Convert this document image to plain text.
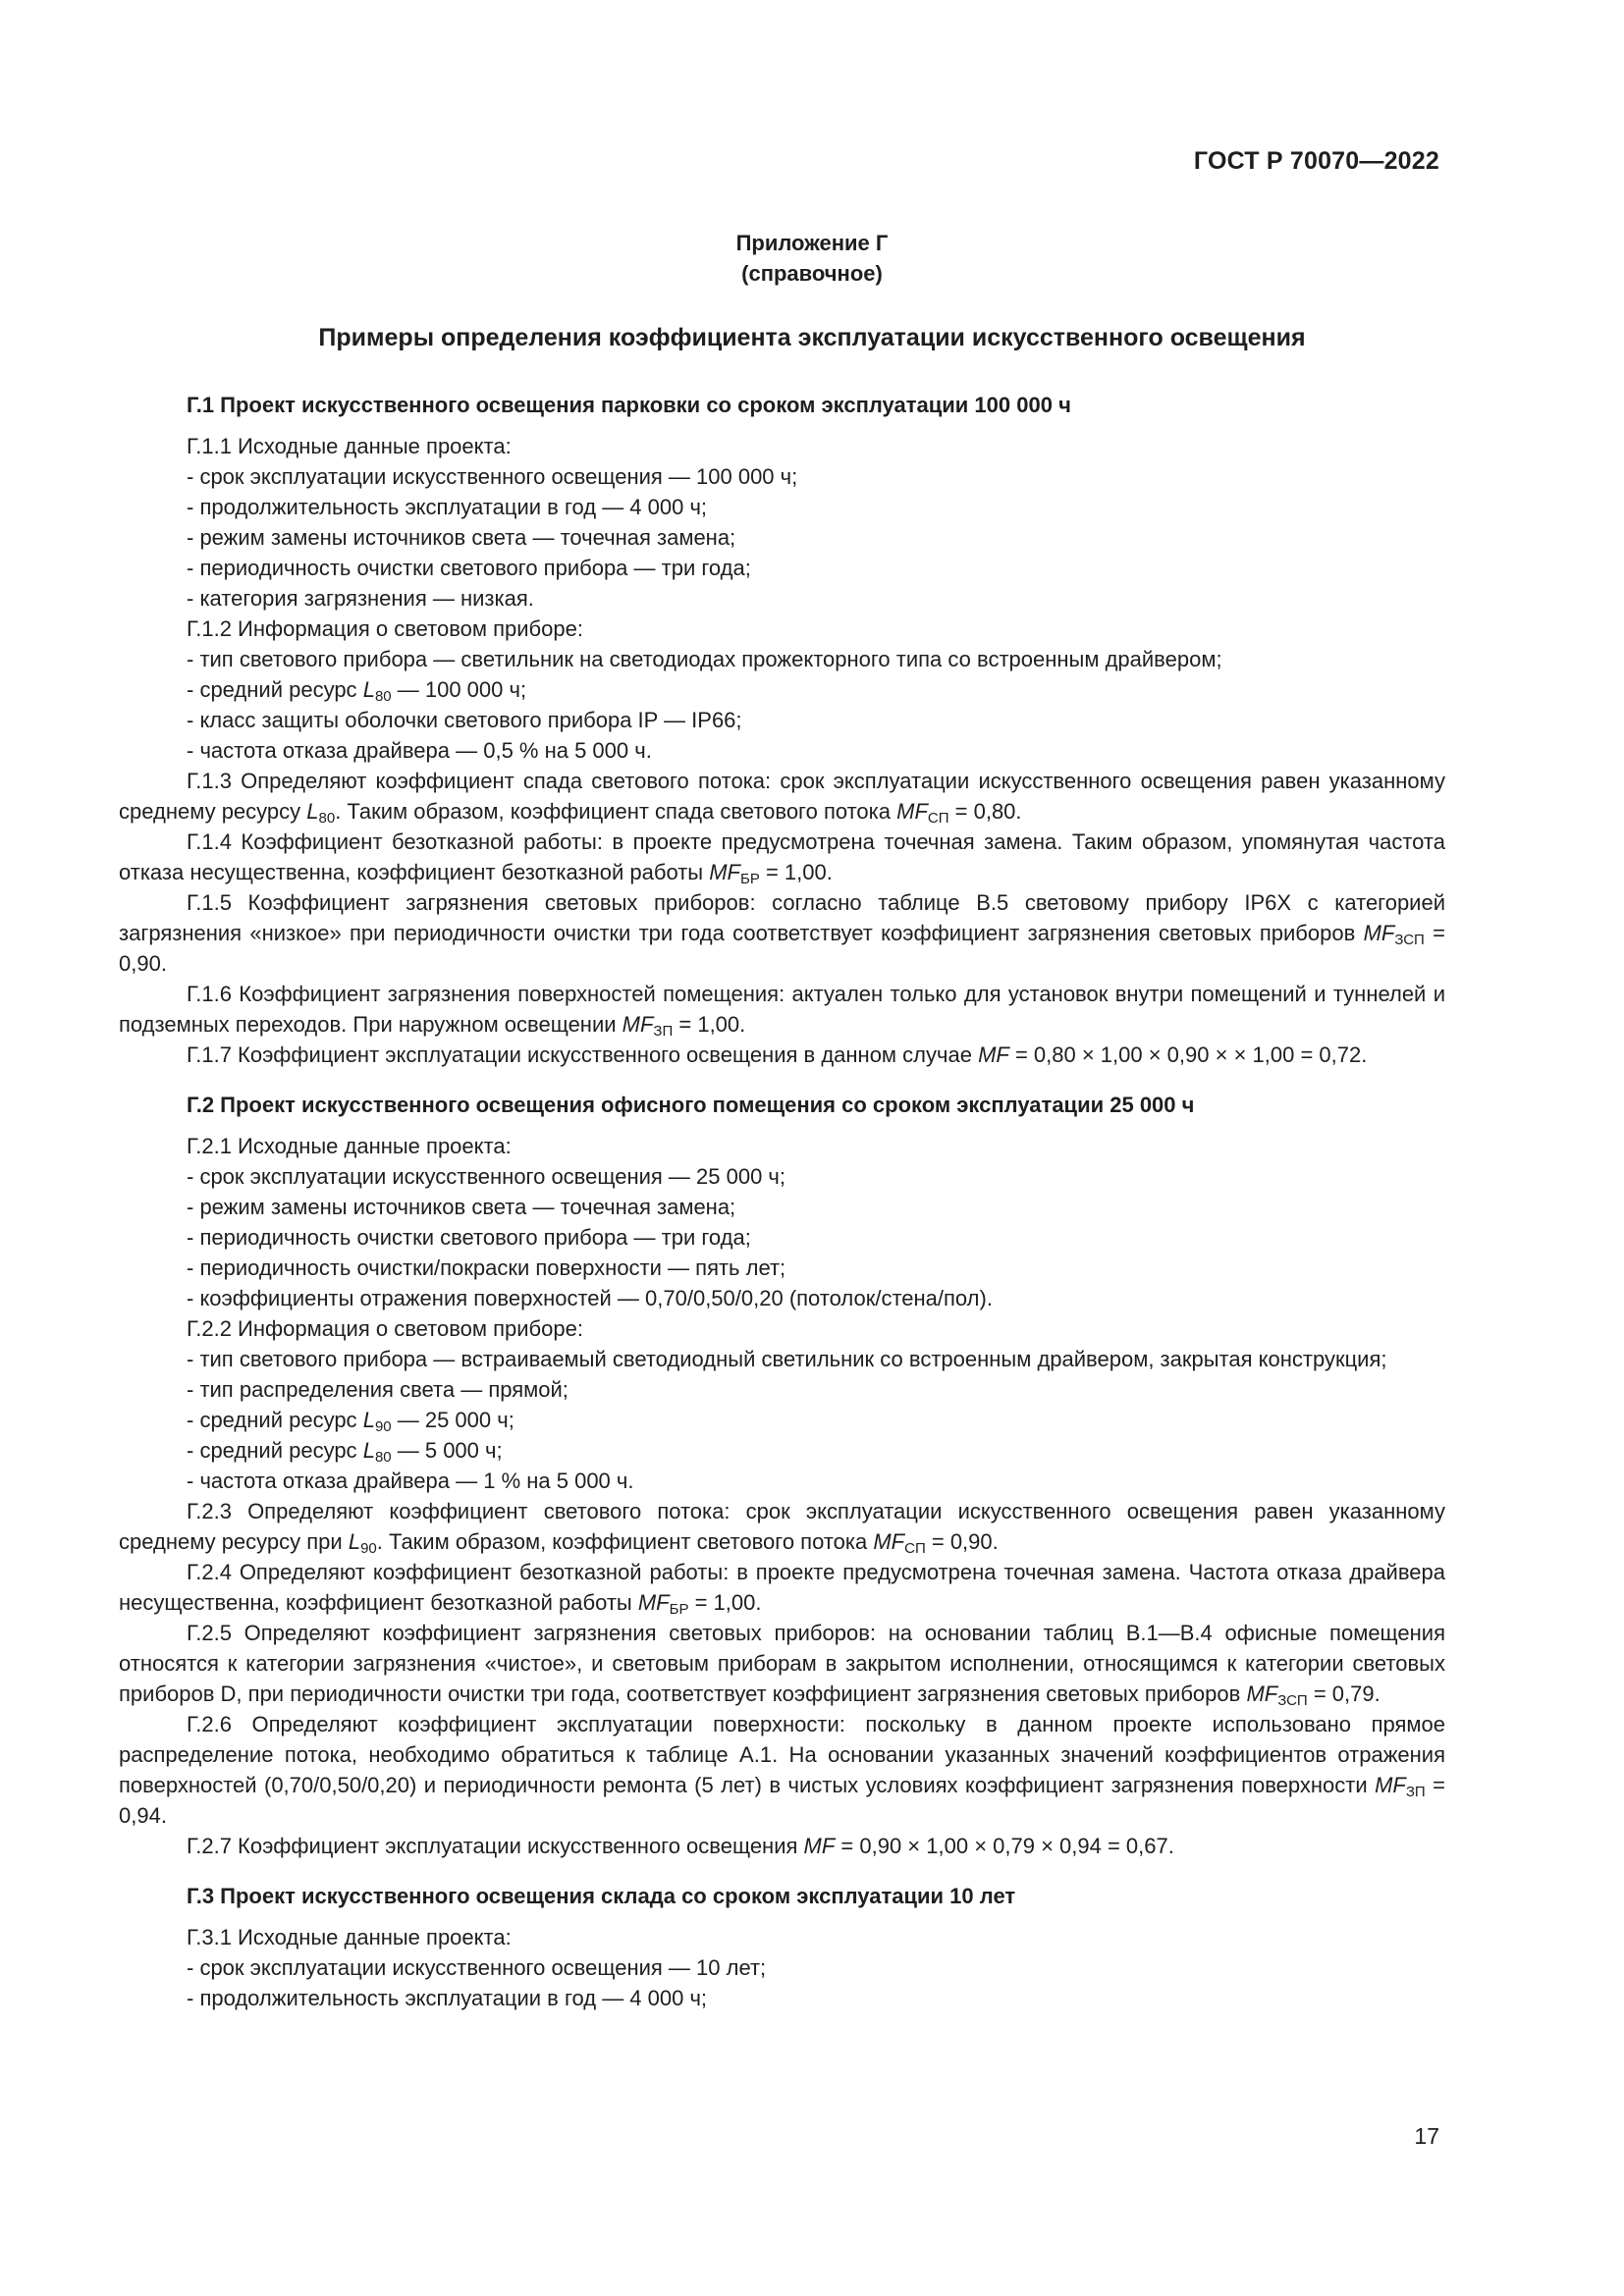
ГОСТ Р 70070—2022
Приложение Г
(справочное)
Примеры определения коэффициента эксплуатации искусственного освещения
Г.1 Проект искусственного освещения парковки со сроком эксплуатации 100 000 ч
Г.1.1 Исходные данные проекта:
- срок эксплуатации искусственного освещения — 100 000 ч;
- продолжительность эксплуатации в год — 4 000 ч;
- режим замены источников света — точечная замена;
- периодичность очистки светового прибора — три года;
- категория загрязнения — низкая.
Г.1.2 Информация о световом приборе:
- тип светового прибора — светильник на светодиодах прожекторного типа со встроенным драйвером;
- средний ресурс $L_{80}$ — 100 000 ч;
- класс защиты оболочки светового прибора IP — IP66;
- частота отказа драйвера — 0,5 % на 5 000 ч.
Г.1.3 Определяют коэффициент спада светового потока: срок эксплуатации искусственного освещения равен указанному среднему ресурсу $L_{80}$. Таким образом, коэффициент спада светового потока $MF_{СП} = 0,80$.
Г.1.4 Коэффициент безотказной работы: в проекте предусмотрена точечная замена. Таким образом, упомянутая частота отказа несущественна, коэффициент безотказной работы $MF_{БР} = 1,00$.
Г.1.5 Коэффициент загрязнения световых приборов: согласно таблице В.5 световому прибору IP6X с категорией загрязнения «низкое» при периодичности очистки три года соответствует коэффициент загрязнения световых приборов $MF_{ЗСП} = 0,90$.
Г.1.6 Коэффициент загрязнения поверхностей помещения: актуален только для установок внутри помещений и туннелей и подземных переходов. При наружном освещении $MF_{ЗП} = 1,00$.
Г.1.7 Коэффициент эксплуатации искусственного освещения в данном случае MF = 0,80 × 1,00 × 0,90 × × 1,00 = 0,72.
Г.2 Проект искусственного освещения офисного помещения со сроком эксплуатации 25 000 ч
Г.2.1 Исходные данные проекта:
- срок эксплуатации искусственного освещения — 25 000 ч;
- режим замены источников света — точечная замена;
- периодичность очистки светового прибора — три года;
- периодичность очистки/покраски поверхности — пять лет;
- коэффициенты отражения поверхностей — 0,70/0,50/0,20 (потолок/стена/пол).
Г.2.2 Информация о световом приборе:
- тип светового прибора — встраиваемый светодиодный светильник со встроенным драйвером, закрытая конструкция;
- тип распределения света — прямой;
- средний ресурс $L_{90}$ — 25 000 ч;
- средний ресурс $L_{80}$ — 5 000 ч;
- частота отказа драйвера — 1 % на 5 000 ч.
Г.2.3 Определяют коэффициент светового потока: срок эксплуатации искусственного освещения равен указанному среднему ресурсу при $L_{90}$. Таким образом, коэффициент светового потока $MF_{СП} = 0,90$.
Г.2.4 Определяют коэффициент безотказной работы: в проекте предусмотрена точечная замена. Частота отказа драйвера несущественна, коэффициент безотказной работы $MF_{БР} = 1,00$.
Г.2.5 Определяют коэффициент загрязнения световых приборов: на основании таблиц В.1—В.4 офисные помещения относятся к категории загрязнения «чистое», и световым приборам в закрытом исполнении, относящимся к категории световых приборов D, при периодичности очистки три года, соответствует коэффициент загрязнения световых приборов $MF_{ЗСП} = 0,79$.
Г.2.6 Определяют коэффициент эксплуатации поверхности: поскольку в данном проекте использовано прямое распределение потока, необходимо обратиться к таблице А.1. На основании указанных значений коэффициентов отражения поверхностей (0,70/0,50/0,20) и периодичности ремонта (5 лет) в чистых условиях коэффициент загрязнения поверхности $MF_{ЗП} = 0,94$.
Г.2.7 Коэффициент эксплуатации искусственного освещения MF = 0,90 × 1,00 × 0,79 × 0,94 = 0,67.
Г.3 Проект искусственного освещения склада со сроком эксплуатации 10 лет
Г.3.1 Исходные данные проекта:
- срок эксплуатации искусственного освещения — 10 лет;
- продолжительность эксплуатации в год — 4 000 ч;
17
